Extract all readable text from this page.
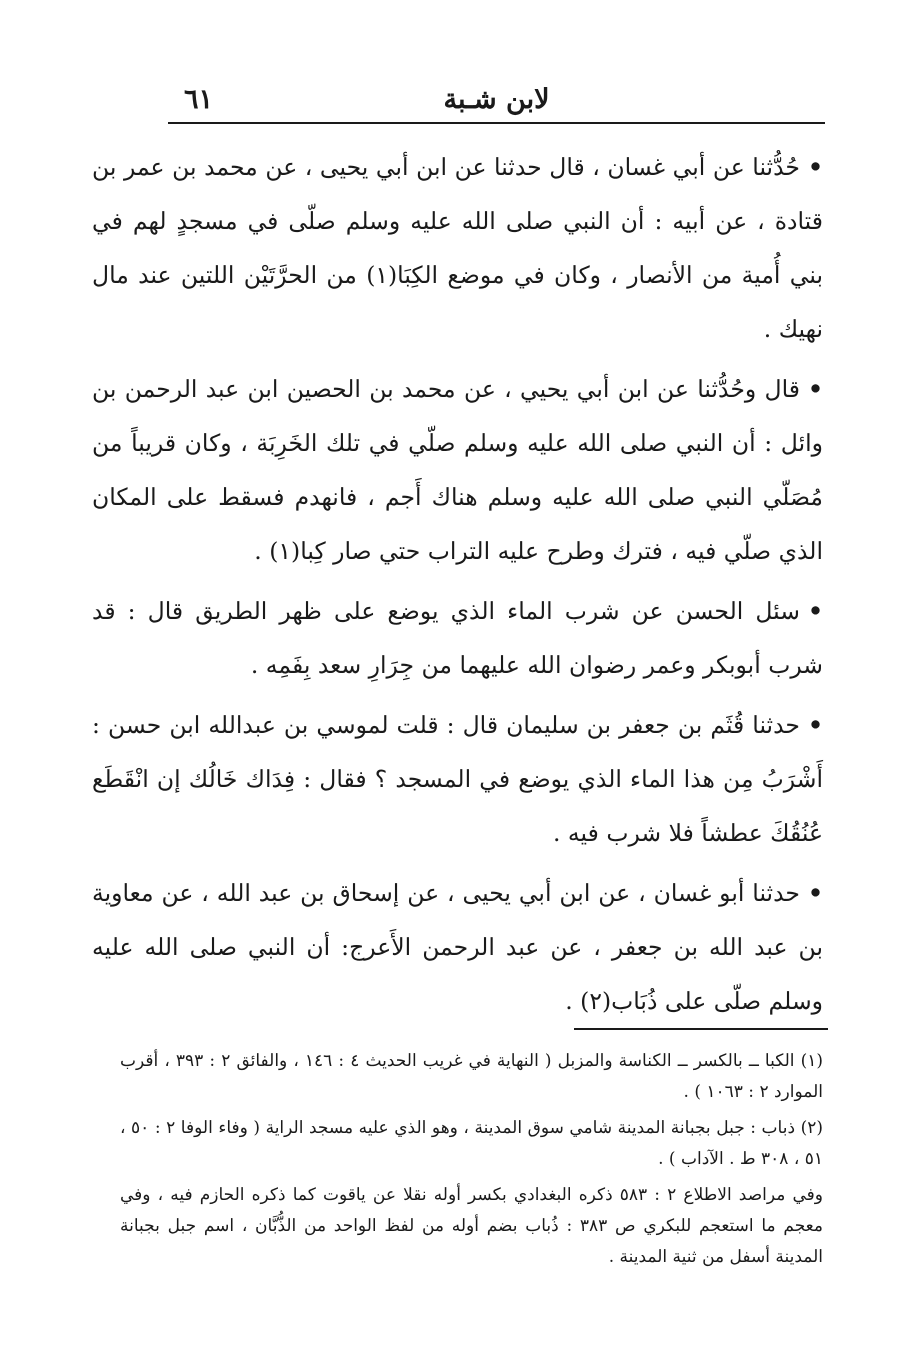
لابن شـبة
٦١

•حُدُّثنا عن أبي غسان ، قال حدثنا عن ابن أبي يحيى ، عن محمد بن عمر بن قتادة ، عن أبيه : أن النبي صلى الله عليه وسلم صلّى في مسجدٍ لهم في بني أُمية من الأنصار ، وكان في موضع الكِبَا(١) من الحرَّتَيْن اللتين عند مال نهيك .

•قال وحُدُّثنا عن ابن أبي يحيي ، عن محمد بن الحصين ابن عبد الرحمن بن وائل : أن النبي صلى الله عليه وسلم صلّي في تلك الخَرِبَة ، وكان قريباً من مُصَلّي النبي صلى الله عليه وسلم هناك أَجم ، فانهدم فسقط على المكان الذي صلّي فيه ، فترك وطرح عليه التراب حتي صار كِبا(١) .

•سئل الحسن عن شرب الماء الذي يوضع على ظهر الطريق قال : قد شرب أبوبكر وعمر رضوان الله عليهما من جِرَارِ سعد بِفَمِه .

•حدثنا قُثَم بن جعفر بن سليمان قال : قلت لموسي بن عبدالله ابن حسن : أَشْرَبُ مِن هذا الماء الذي يوضع في المسجد ؟ فقال : فِدَاك خَالُك إن انْقَطَع عُنُقُكَ عطشاً فلا شرب فيه .

•حدثنا أبو غسان ، عن ابن أبي يحيى ، عن إسحاق بن عبد الله ، عن معاوية بن عبد الله بن جعفر ، عن عبد الرحمن الأَعرج: أن النبي صلى الله عليه وسلم صلّى على ذُبَاب(٢) .

(١) الكبا ــ بالكسر ــ الكناسة والمزبل ( النهاية في غريب الحديث ٤ : ١٤٦ ، والفائق ٢ : ٣٩٣ ، أقرب الموارد ٢ : ١٠٦٣ ) .

(٢) ذباب : جبل بجبانة المدينة شامي سوق المدينة ، وهو الذي عليه مسجد الراية ( وفاء الوفا ٢ : ٥٠ ، ٥١ ، ٣٠٨ ط . الآداب ) .

وفي مراصد الاطلاع ٢ : ٥٨٣ ذكره البغدادي بكسر أوله نقلا عن ياقوت كما ذكره الحازم فيه ، وفي معجم ما استعجم للبكري ص ٣٨٣ : ذُباب بضم أوله من لفظ الواحد من الذُّبَّان ، اسم جبل بجبانة المدينة أسفل من ثنية المدينة .
